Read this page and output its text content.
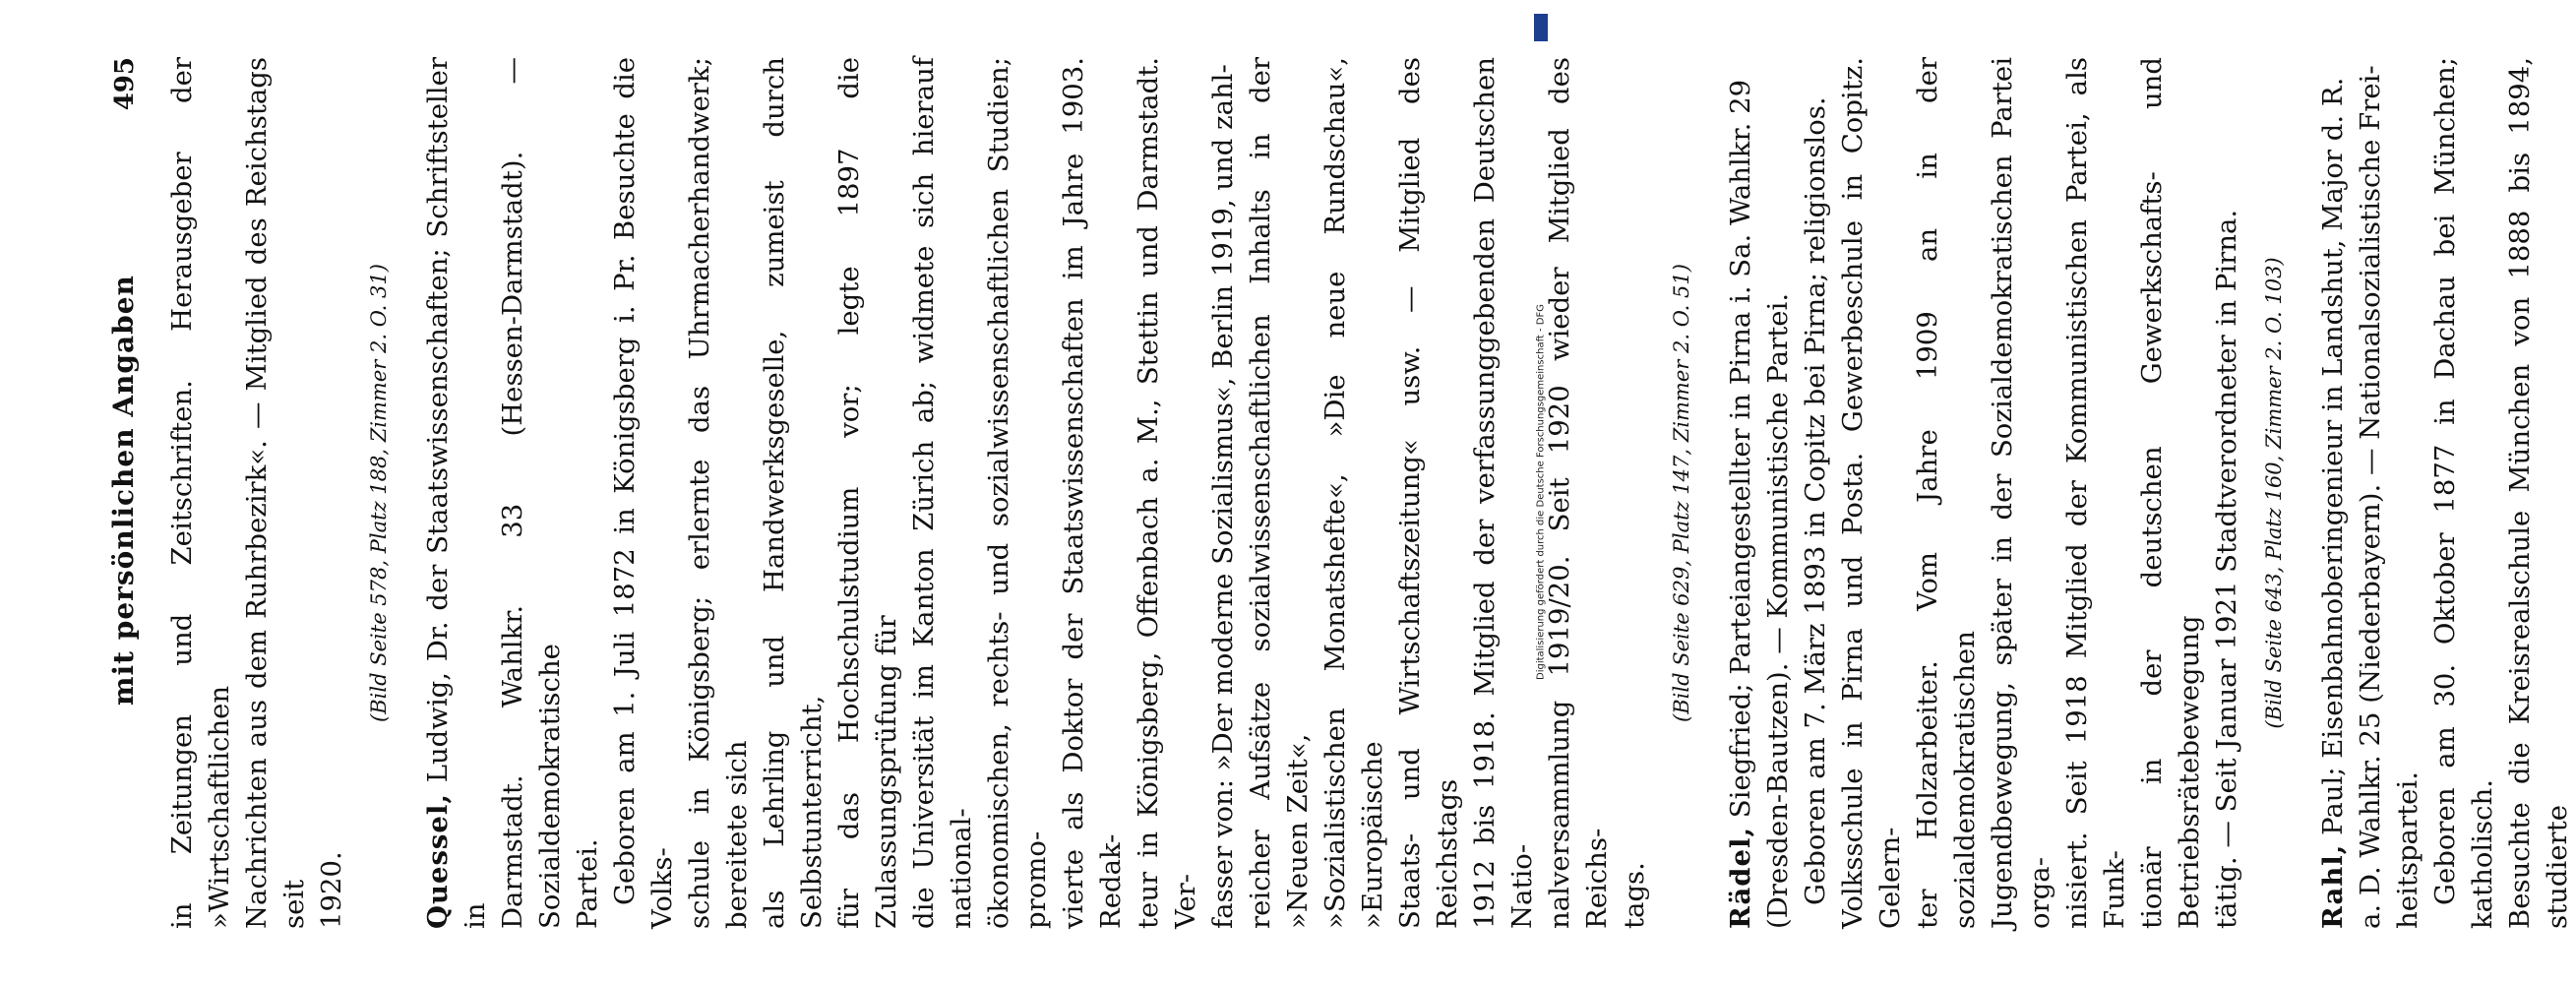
mit persönlichen Angaben
495 in Zeitungen und Zeitschriften. Herausgeber der »Wirtschaftlichen Nachrichten aus dem Ruhrbezirk«. — Mitglied des Reichstags seit 1920.

(Bild Seite 578, Platz 188, Zimmer 2. O. 31)

Quessel, Ludwig, Dr. der Staatswissenschaften; Schriftsteller in Darmstadt. Wahlkr. 33 (Hessen-Darmstadt). — Sozialdemokratische Partei. Geboren am 1. Juli 1872 in Königsberg i. Pr. Besuchte die Volks- schule in Königsberg; erlernte das Uhrmacherhandwerk; bereitete sich als Lehrling und Handwerksgeselle, zumeist durch Selbstunterricht, für das Hochschulstudium vor; legte 1897 die Zulassungsprüfung für die Universität im Kanton Zürich ab; widmete sich hierauf national- ökonomischen, rechts- und sozialwissenschaftlichen Studien; promo- vierte als Doktor der Staatswissenschaften im Jahre 1903. Redak- teur in Königsberg, Offenbach a. M., Stettin und Darmstadt. Ver- fasser von: »Der moderne Sozialismus«, Berlin 1919, und zahl- reicher Aufsätze sozialwissenschaftlichen Inhalts in der »Neuen Zeit«, »Sozialistischen Monatshefte«, »Die neue Rundschau«, »Europäische Staats- und Wirtschaftszeitung« usw. — Mitglied des Reichstags 1912 bis 1918. Mitglied der verfassunggebenden Deutschen Natio- nalversammlung 1919/20. Seit 1920 wieder Mitglied des Reichs- tags.

(Bild Seite 629, Platz 147, Zimmer 2. O. 51)

Rädel, Siegfried; Parteiangestellter in Pirna i. Sa. Wahlkr. 29 (Dresden-Bautzen). — Kommunistische Partei. Geboren am 7. März 1893 in Copitz bei Pirna; religionslos. Volksschule in Pirna und Posta. Gewerbeschule in Copitz. Gelern- ter Holzarbeiter. Vom Jahre 1909 an in der sozialdemokratischen Jugendbewegung, später in der Sozialdemokratischen Partei orga- nisiert. Seit 1918 Mitglied der Kommunistischen Partei, als Funk- tionär in der deutschen Gewerkschafts- und Betriebsrätebewegung tätig. — Seit Januar 1921 Stadtverordneter in Pirna. (Bild Seite 643, Platz 160, Zimmer 2. O. 103)

Rahl, Paul; Eisenbahnoberingenieur in Landshut, Major d. R. a. D. Wahlkr. 25 (Niederbayern). — Nationalsozialistische Frei- heitspartei. Geboren am 30. Oktober 1877 in Dachau bei München; katholisch. Besuchte die Kreisrealschule München von 1888 bis 1894, studierte

Digitalisierung gefördert durch die Deutsche Forschungsgemeinschaft - DFG
